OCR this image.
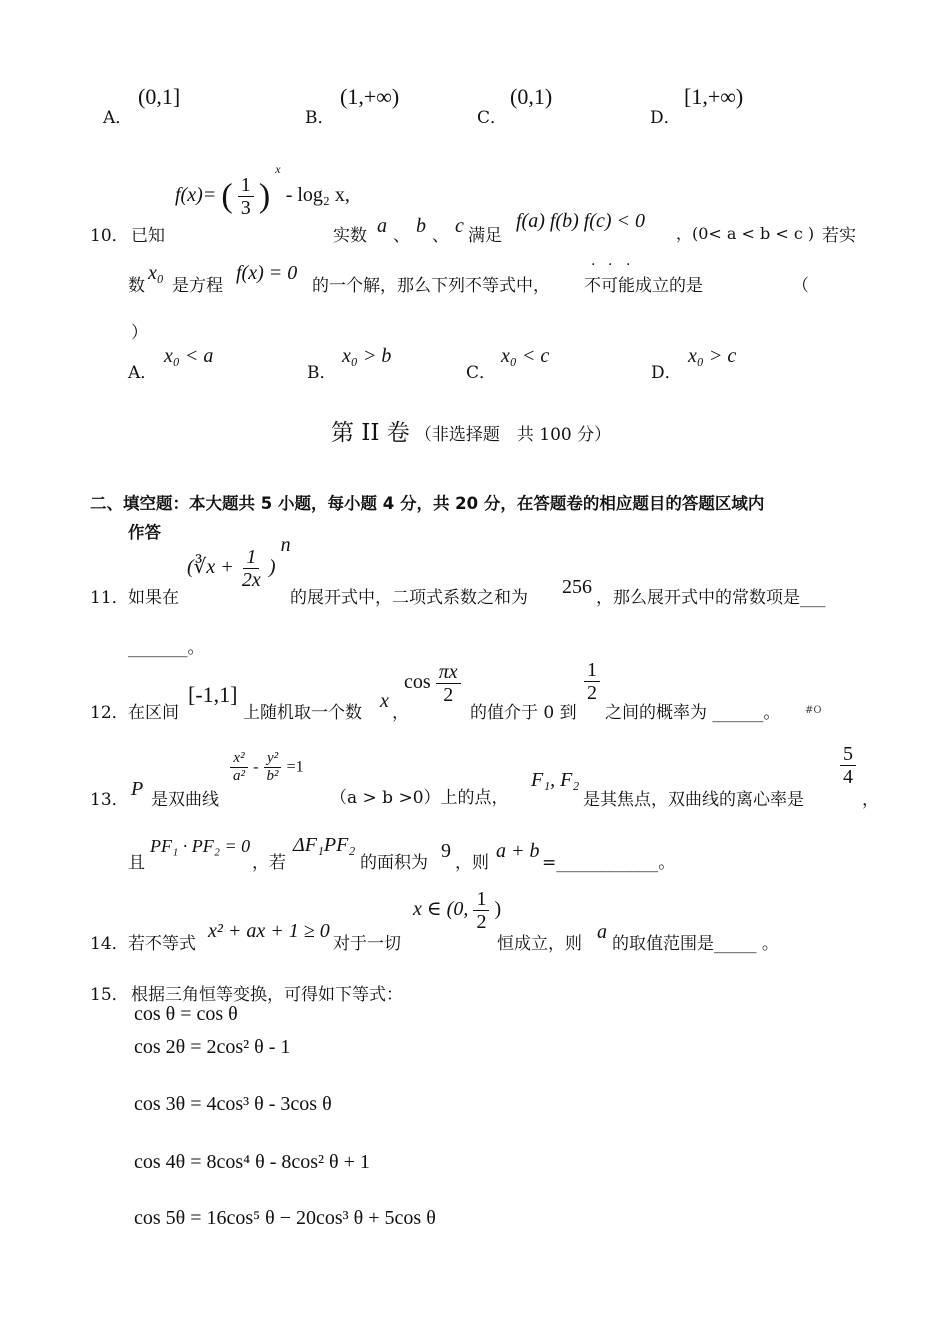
A．
(0,1]
B．
(1,+∞)
C．
(0,1)
D．
[1,+∞)
10． 已知
f(x)= ( $\frac{1}{3}$ ) $^x$ - log₂ x,
实数 a 、 b 、 c 满足
f(a) f(b) f(c) < 0
，(0< a < b < c ) 若实
数
x₀
是方程
f(x) = 0
的一个解，那么下列不等式中，
· · ·
不可能 成立的是	（
）
A．
x₀ < a
B．
x₀ > b
C．
x₀ < c
D．
x₀ > c
第 II 卷 （非选择题　共 100 分）
二、填空题：本大题共 5 小题，每小题 4 分，共 20 分，在答题卷的相应题目的答题区域内
作答
11． 如果在
(∛x + $\frac{1}{2x}$ ) $^n$
的展开式中，二项式系数之和为 256 ，那么展开式中的常数项是___
_______。
12． 在区间
[-1,1]
上随机取一个数
x
，
$\cos \frac{\pi x}{2}$
的值介于 0 到
$\frac{1}{2}$
之间的概率为 ______。 #O
13． P 是双曲线
$\frac{\text{x²}}{\text{a²}} - \frac{\text{y²}}{\text{b²}} =1$
（a > b >0）上的点，
F₁, F₂
是其焦点，双曲线的离心率是
$\frac{5}{4}$
，
且
PF₁ · PF₂ = 0
，若
ΔF₁PF₂
的面积为
9
，则
a + b
=____________。
14． 若不等式
x² + ax + 1 ≥ 0
对于一切
x ∈ (0, $\frac{1}{2}$ )
恒成立，则
a
的取值范围是_____ 。
15． 根据三角恒等变换，可得如下等式：
cos θ = cos θ
cos 2θ = 2cos² θ - 1
cos 3θ = 4cos³ θ - 3cos θ
cos 4θ = 8cos⁴ θ - 8cos² θ + 1
cos 5θ = 16cos⁵ θ − 20cos³ θ + 5cos θ
